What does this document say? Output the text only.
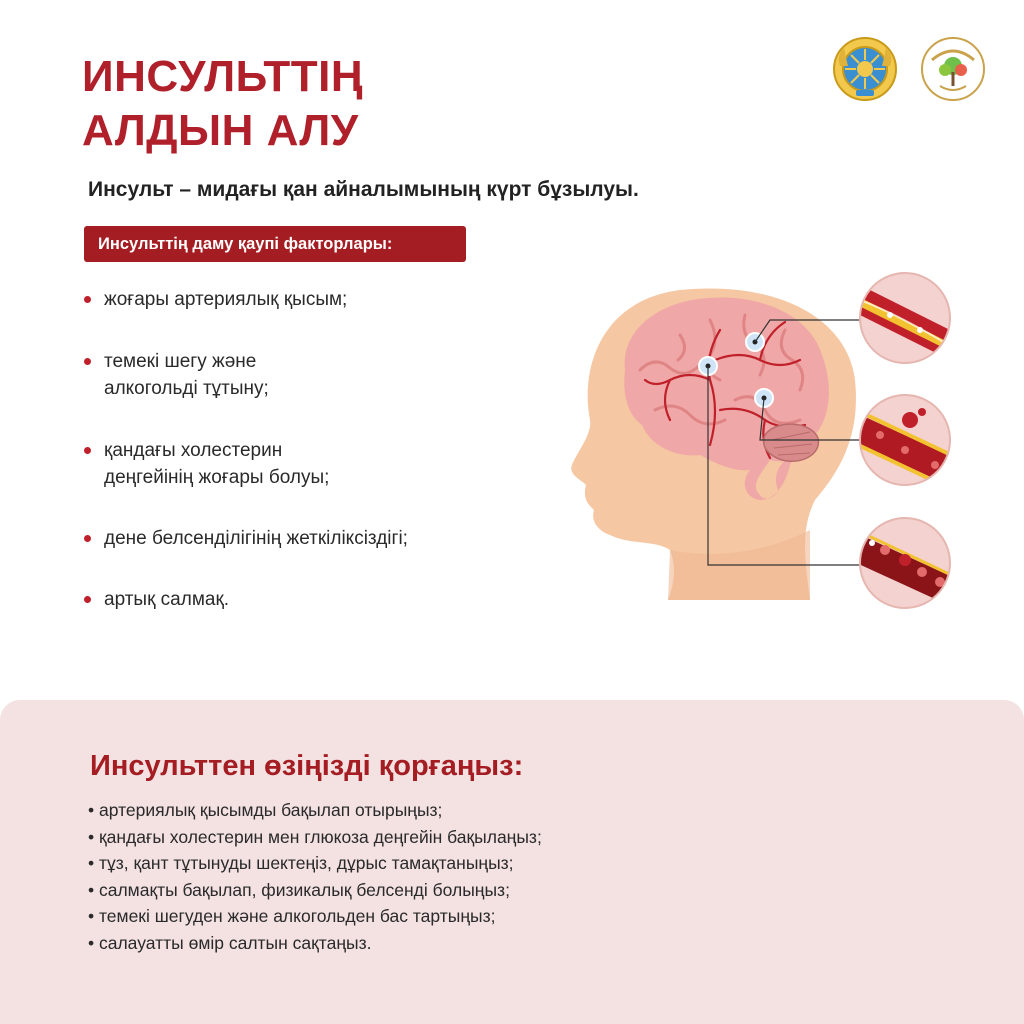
ИНСУЛЬТТІҢ
АЛДЫН АЛУ
Инсульт – мидағы қан айналымының күрт бұзылуы.
Инсульттің даму қаупі факторлары:
жоғары артериялық қысым;
темекі шегу және
алкогольді тұтыну;
қандағы холестерин
деңгейінің жоғары болуы;
дене белсенділігінің жеткіліксіздігі;
артық салмақ.
Инсульттен өзіңізді қорғаңыз:
• артериялық қысымды бақылап отырыңыз;
• қандағы холестерин мен глюкоза деңгейін бақылаңыз;
• тұз, қант тұтынуды шектеңіз, дұрыс тамақтаныңыз;
• салмақты бақылап, физикалық белсенді болыңыз;
• темекі шегуден және алкогольден бас тартыңыз;
• салауатты өмір салтын сақтаңыз.
